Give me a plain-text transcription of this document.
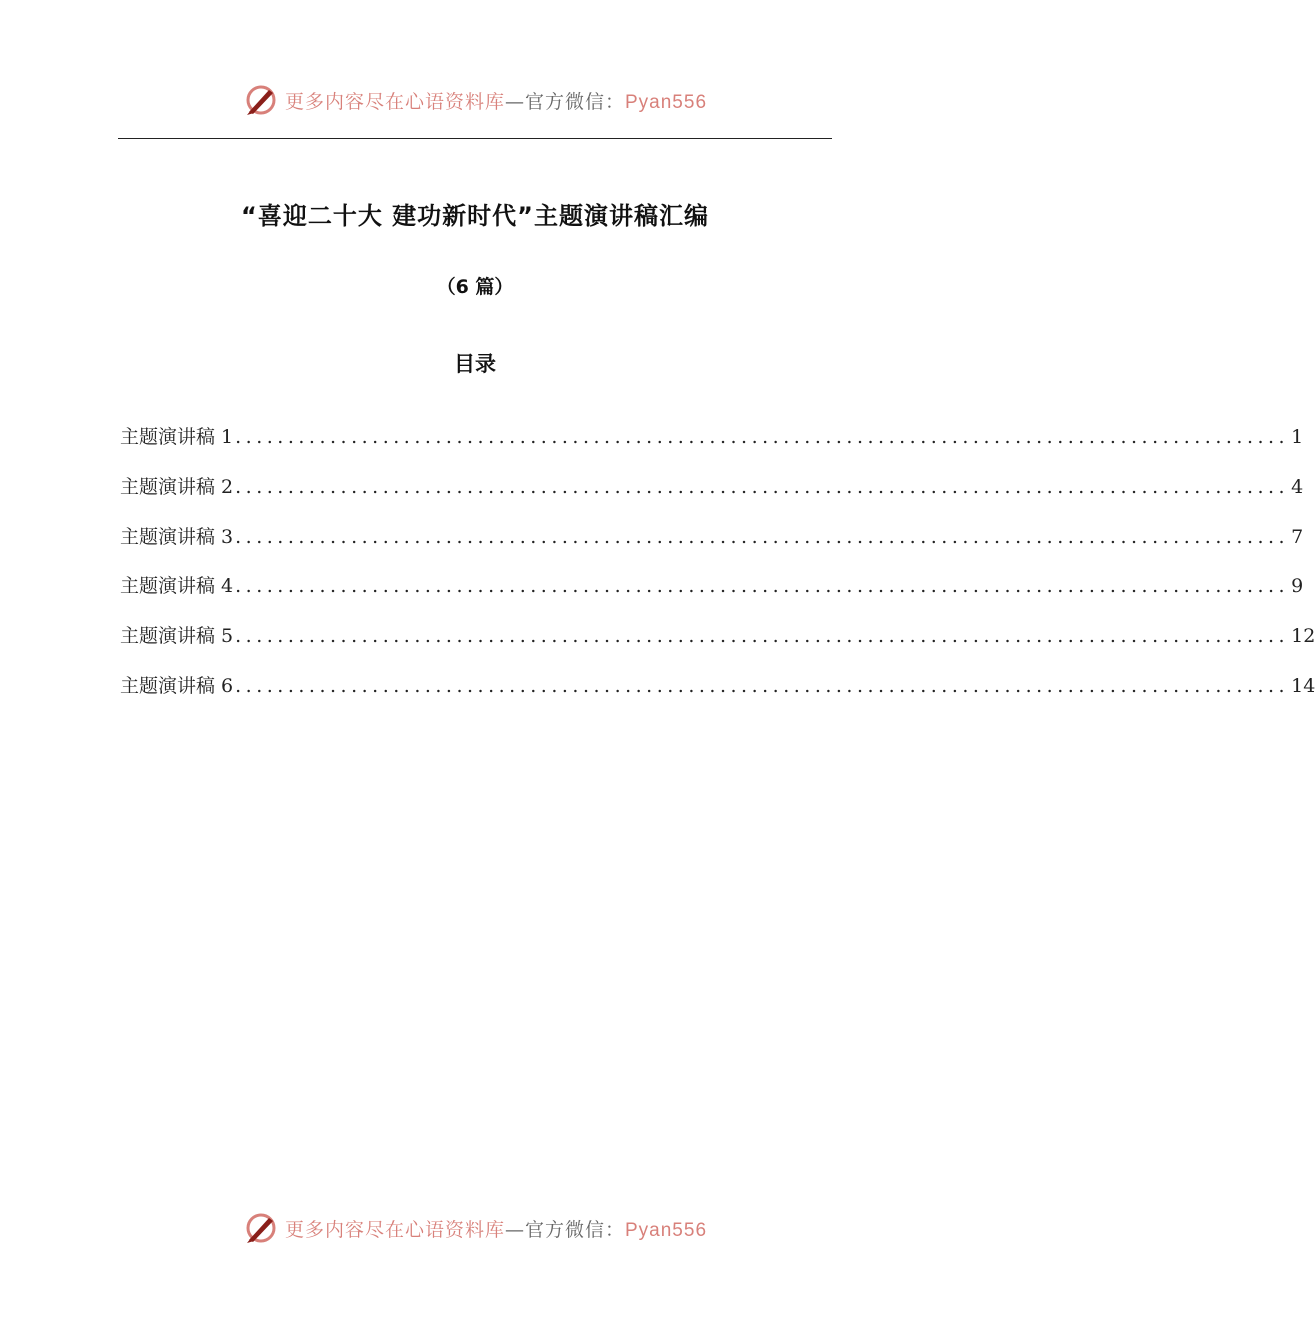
更多内容尽在心语资料库—官方微信：Pyan556
“喜迎二十大 建功新时代”主题演讲稿汇编
（6 篇）
目录
主题演讲稿 1 .................................................................................................... 1
主题演讲稿 2 .................................................................................................... 4
主题演讲稿 3 .................................................................................................... 7
主题演讲稿 4 .................................................................................................... 9
主题演讲稿 5 .................................................................................................... 12
主题演讲稿 6 .................................................................................................... 14
更多内容尽在心语资料库—官方微信：Pyan556
